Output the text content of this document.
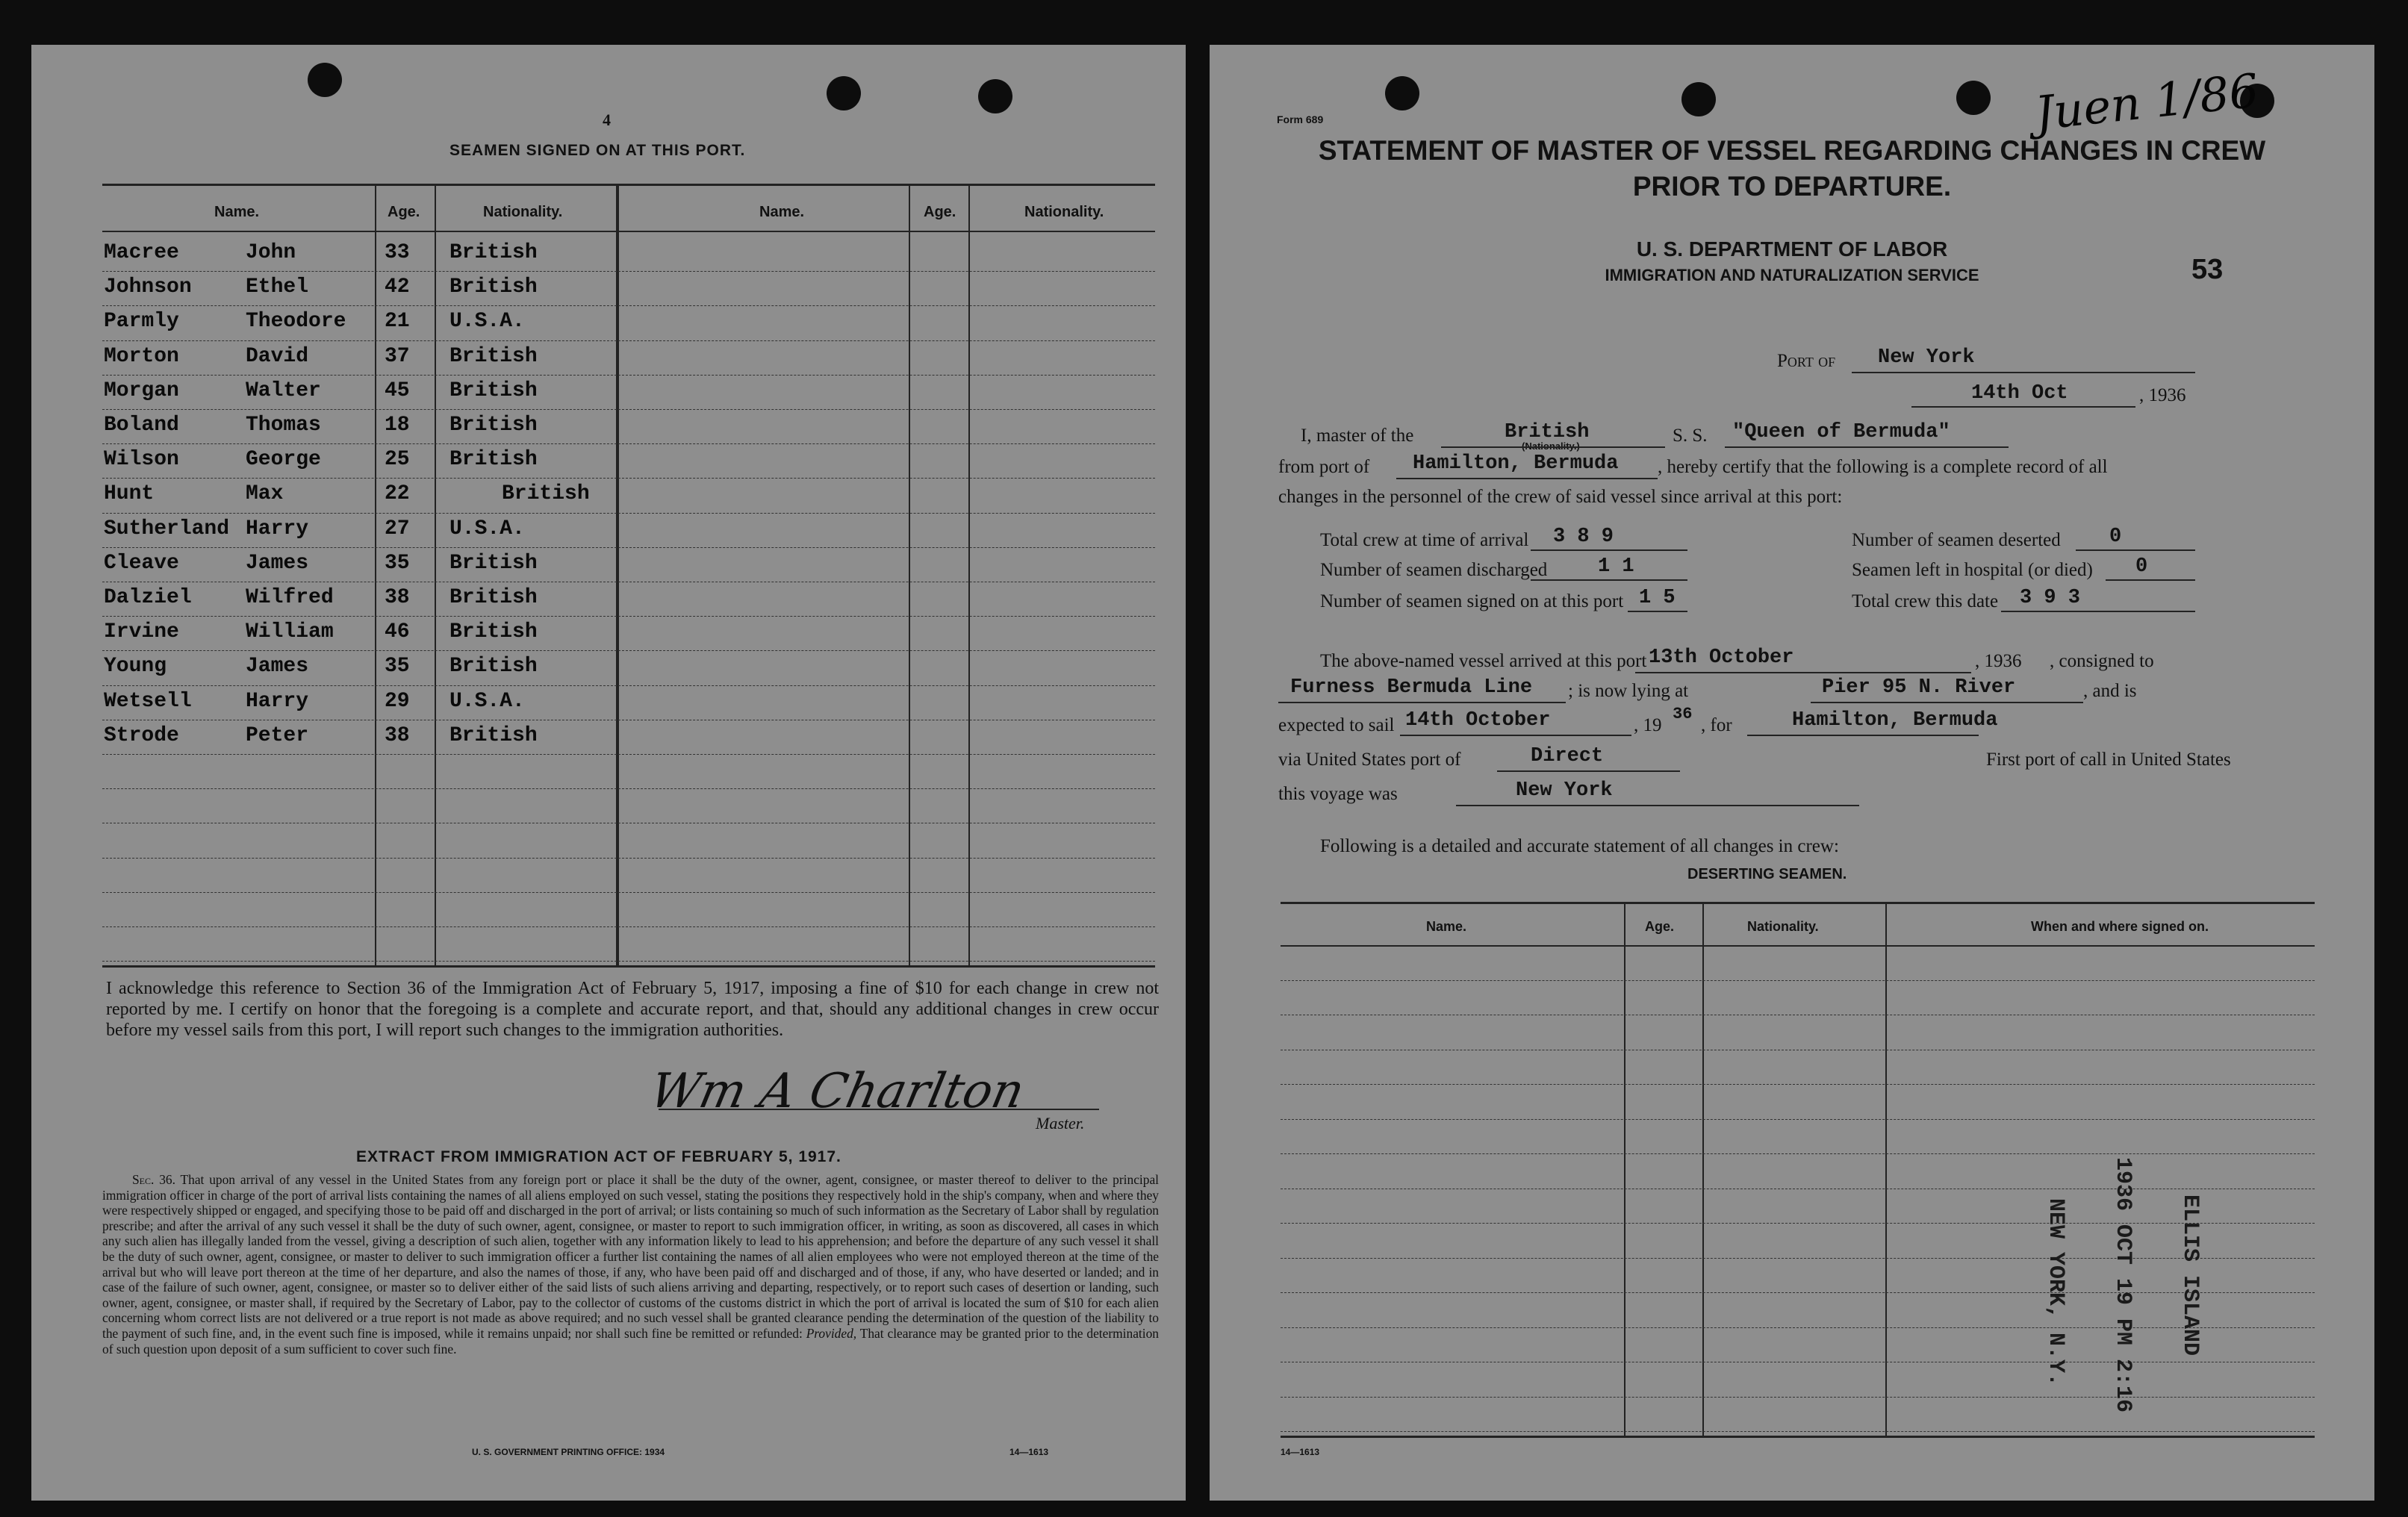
4
SEAMEN SIGNED ON AT THIS PORT.
Name.	Age.	Nationality.	Name.	Age.	Nationality.
Macree	John	33 British
Johnson	Ethel	42 British
Parmly	Theodore 21 U.S.A.
Morton	David	37 British
Morgan	Walter	45 British
Boland	Thomas	18 British
Wilson	George	25 British
Hunt	Max	22	British
Sutherland Harry	27 U.S.A.
Cleave	James	35 British
Dalziel	Wilfred 38 British
Irvine	William 46 British
Young	James	35 British
Wetsell	Harry	29 U.S.A.
Strode	Peter	38 British
I acknowledge this reference to Section 36 of the Immigration Act of February 5, 1917, imposing a fine of $10 for each change in crew not reported by me. I certify on honor that the foregoing is a complete and accurate report, and that, should any additional changes in crew occur before my vessel sails from this port, I will report such changes to the immigration authorities.
Wm A Charlton
Master.
EXTRACT FROM IMMIGRATION ACT OF FEBRUARY 5, 1917.
Sec. 36. That upon arrival of any vessel in the United States from any foreign port or place it shall be the duty of the owner, agent, consignee, or master thereof to deliver to the principal immigration officer in charge of the port of arrival lists containing the names of all aliens employed on such vessel, stating the positions they respectively hold in the ship's company, when and where they were respectively shipped or engaged, and specifying those to be paid off and discharged in the port of arrival; or lists containing so much of such information as the Secretary of Labor shall by regulation prescribe; and after the arrival of any such vessel it shall be the duty of such owner, agent, consignee, or master to report to such immigration officer, in writing, as soon as discovered, all cases in which any such alien has illegally landed from the vessel, giving a description of such alien, together with any information likely to lead to his apprehension; and before the departure of any such vessel it shall be the duty of such owner, agent, consignee, or master to deliver to such immigration officer a further list containing the names of all alien employees who were not employed thereon at the time of the arrival but who will leave port thereon at the time of her departure, and also the names of those, if any, who have been paid off and discharged and of those, if any, who have deserted or landed; and in case of the failure of such owner, agent, consignee, or master so to deliver either of the said lists of such aliens arriving and departing, respectively, or to report such cases of desertion or landing, such owner, agent, consignee, or master shall, if required by the Secretary of Labor, pay to the collector of customs of the customs district in which the port of arrival is located the sum of $10 for each alien concerning whom correct lists are not delivered or a true report is not made as above required; and no such vessel shall be granted clearance pending the determination of the question of the liability to the payment of such fine, and, in the event such fine is imposed, while it remains unpaid; nor shall such fine be remitted or refunded: Provided, That clearance may be granted prior to the determination of such question upon deposit of a sum sufficient to cover such fine.
U. S. GOVERNMENT PRINTING OFFICE: 1934	14—1613
Form 689	Juen 1/86
STATEMENT OF MASTER OF VESSEL REGARDING CHANGES IN CREW
PRIOR TO DEPARTURE.
U. S. DEPARTMENT OF LABOR
IMMIGRATION AND NATURALIZATION SERVICE	53
Port of New York
14th Oct	, 1936
I, master of the	British
(Nationality.)
S. S. "Queen of Bermuda"
from port of Hamilton, Bermuda , hereby certify that the following is a complete record of all
changes in the personnel of the crew of said vessel since arrival at this port:
Total crew at time of arrival 3 8 9
Number of seamen discharged	1 1
Number of seamen signed on at this port 1 5
Number of seamen deserted 0
Seamen left in hospital (or died) 0
Total crew this date 3 9 3
The above-named vessel arrived at this port 13th October	, 1936 , consigned to
Furness Bermuda Line ; is now lying at	Pier 95 N. River	, and is
expected to sail 14th October	, 19
36
, for	Hamilton, Bermuda
via United States port of	Direct	First port of call in United States
this voyage was	New York
Following is a detailed and accurate statement of all changes in crew:
DESERTING SEAMEN.
Name.	Age.	Nationality.	When and where signed on.
ELLIS ISLAND
1936 OCT 19 PM 2:16
NEW YORK, N.Y.
14—1613
